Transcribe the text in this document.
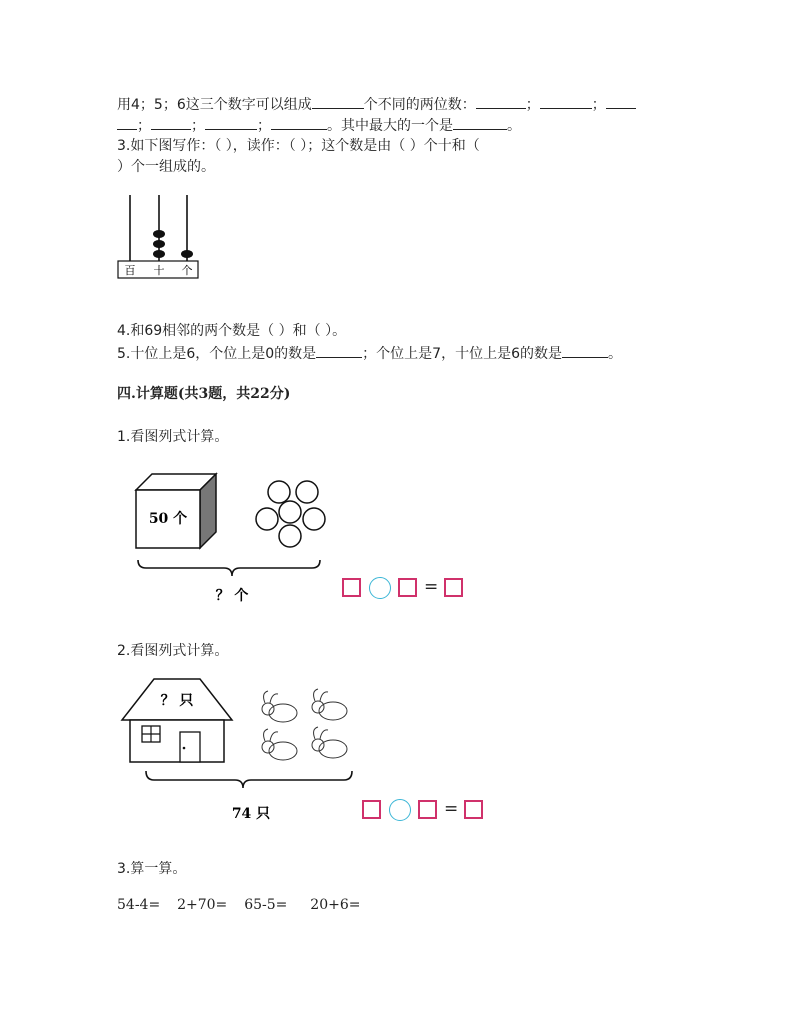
用4；5；6这三个数字可以组成	个不同的两位数：	；	；
；	；	；	。其中最大的一个是	。
3.如下图写作：（ ），读作：（ ）；这个数是由（ ）个十和（
）个一组成的。
百 十 个
4.和69相邻的两个数是（ ）和（ ）。
5.十位上是6，个位上是0的数是	；个位上是7，十位上是6的数是	。
四.计算题(共3题，共22分)
1.看图列式计算。
50 个
？ 个	=
2.看图列式计算。
？ 只
74 只	=
3.算一算。
54-4= 2+70= 65-5= 20+6=
